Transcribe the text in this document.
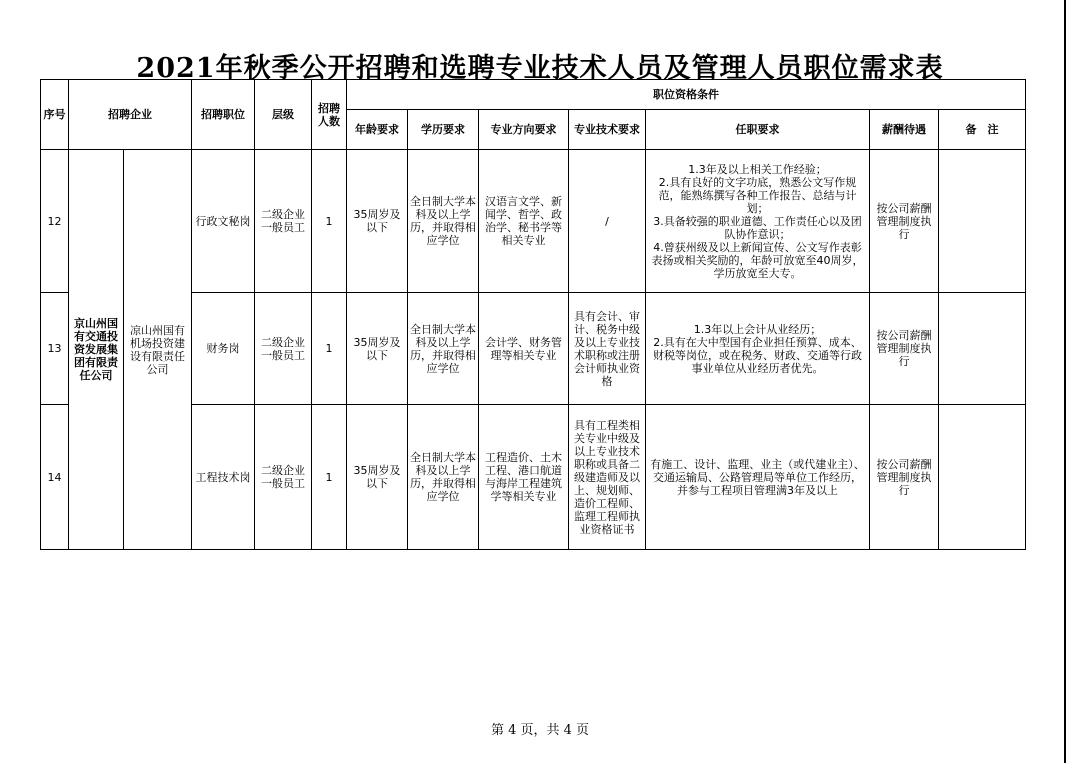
2021年秋季公开招聘和选聘专业技术人员及管理人员职位需求表
序号	招聘企业		招聘职位	层级	招聘人数	职位资格条件						
						年龄要求	学历要求	专业方向要求	专业技术要求	任职要求	薪酬待遇	备　注
12	京山州国有交通投资发展集团有限责任公司	凉山州国有机场投资建设有限责任公司	行政文秘岗	二级企业一般员工	1	35周岁及以下	全日制大学本科及以上学历，并取得相应学位	汉语言文学、新闻学、哲学、政治学、秘书学等相关专业	/	1.3年及以上相关工作经验；
2.具有良好的文字功底，熟悉公文写作规范，能熟练撰写各种工作报告、总结与计划；
3.具备较强的职业道德、工作责任心以及团队协作意识；
4.曾获州级及以上新闻宣传、公文写作表彰表扬或相关奖励的，年龄可放宽至40周岁，学历放宽至大专。	按公司薪酬管理制度执行	
13			财务岗	二级企业一般员工	1	35周岁及以下	全日制大学本科及以上学历，并取得相应学位	会计学、财务管理等相关专业	具有会计、审计、税务中级及以上专业技术职称或注册会计师执业资格	1.3年以上会计从业经历；
2.具有在大中型国有企业担任预算、成本、财税等岗位，或在税务、财政、交通等行政事业单位从业经历者优先。	按公司薪酬管理制度执行	
14			工程技术岗	二级企业一般员工	1	35周岁及以下	全日制大学本科及以上学历，并取得相应学位	工程造价、土木工程、港口航道与海岸工程建筑学等相关专业	具有工程类相关专业中级及以上专业技术职称或具备二级建造师及以上、规划师、造价工程师、监理工程师执业资格证书	有施工、设计、监理、业主（或代建业主）、交通运输局、公路管理局等单位工作经历，并参与工程项目管理满3年及以上	按公司薪酬管理制度执行	
第 4 页，共 4 页
